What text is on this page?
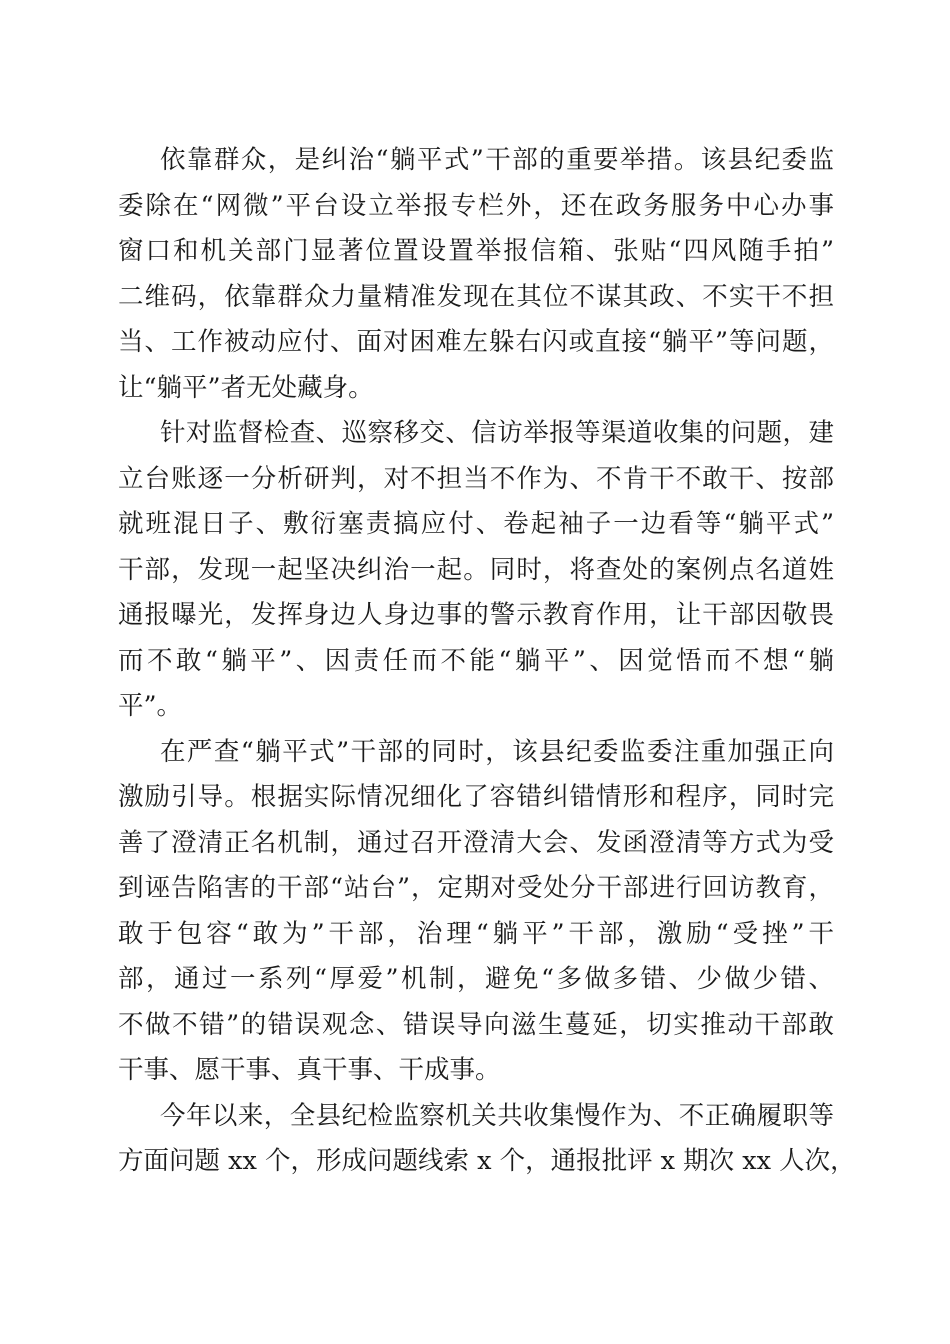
依靠群众，是纠治“躺平式”干部的重要举措。该县纪委监
委除在“网微”平台设立举报专栏外，还在政务服务中心办事
窗口和机关部门显著位置设置举报信箱、张贴“四风随手拍”
二维码，依靠群众力量精准发现在其位不谋其政、不实干不担
当、工作被动应付、面对困难左躲右闪或直接“躺平”等问题，
让“躺平”者无处藏身。
针对监督检查、巡察移交、信访举报等渠道收集的问题，建
立台账逐一分析研判，对不担当不作为、不肯干不敢干、按部
就班混日子、敷衍塞责搞应付、卷起袖子一边看等“躺平式”
干部，发现一起坚决纠治一起。同时，将查处的案例点名道姓
通报曝光，发挥身边人身边事的警示教育作用，让干部因敬畏
而不敢“躺平”、因责任而不能“躺平”、因觉悟而不想“躺
平”。
在严查“躺平式”干部的同时，该县纪委监委注重加强正向
激励引导。根据实际情况细化了容错纠错情形和程序，同时完
善了澄清正名机制，通过召开澄清大会、发函澄清等方式为受
到诬告陷害的干部“站台”，定期对受处分干部进行回访教育，
敢于包容“敢为”干部，治理“躺平”干部，激励“受挫”干
部，通过一系列“厚爱”机制，避免“多做多错、少做少错、
不做不错”的错误观念、错误导向滋生蔓延，切实推动干部敢
干事、愿干事、真干事、干成事。
今年以来，全县纪检监察机关共收集慢作为、不正确履职等
方面问题 xx 个，形成问题线索 x 个，通报批评 x 期次 xx 人次，
